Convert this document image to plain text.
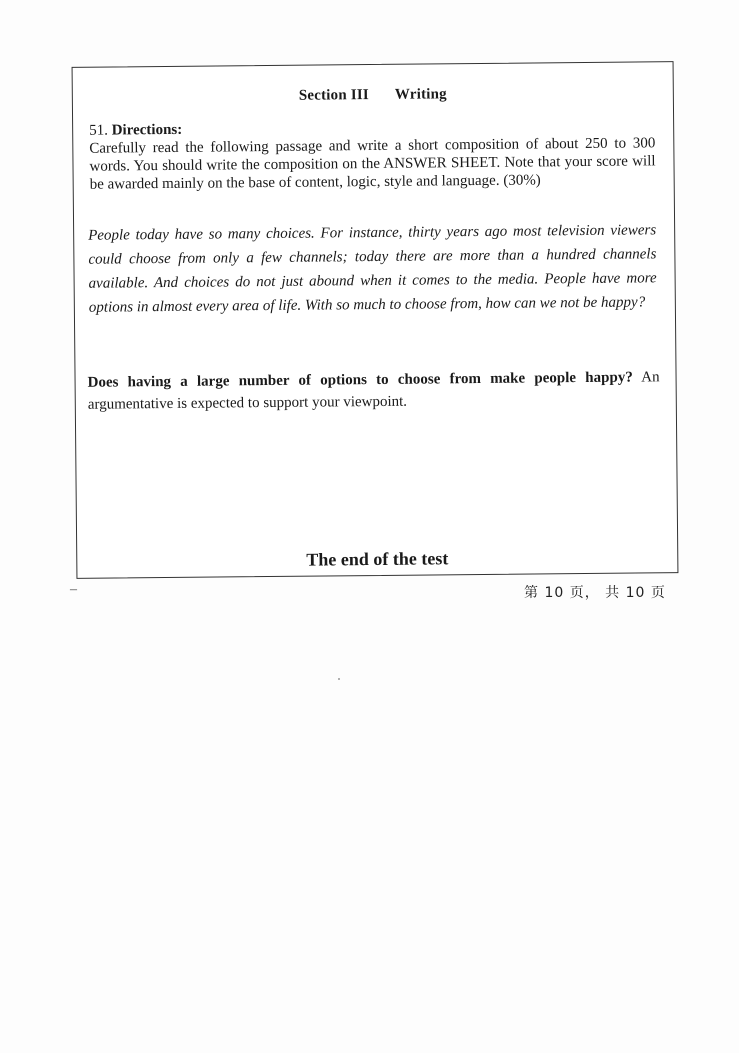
Section III Writing

51. Directions:

Carefully read the following passage and write a short composition of about 250 to 300 words. You should write the composition on the ANSWER SHEET. Note that your score will be awarded mainly on the base of content, logic, style and language. (30%)

People today have so many choices. For instance, thirty years ago most television viewers could choose from only a few channels; today there are more than a hundred channels available. And choices do not just abound when it comes to the media. People have more options in almost every area of life. With so much to choose from, how can we not be happy?

Does having a large number of options to choose from make people happy? An argumentative is expected to support your viewpoint.

The end of the test
–	第 10 页， 共 10 页
